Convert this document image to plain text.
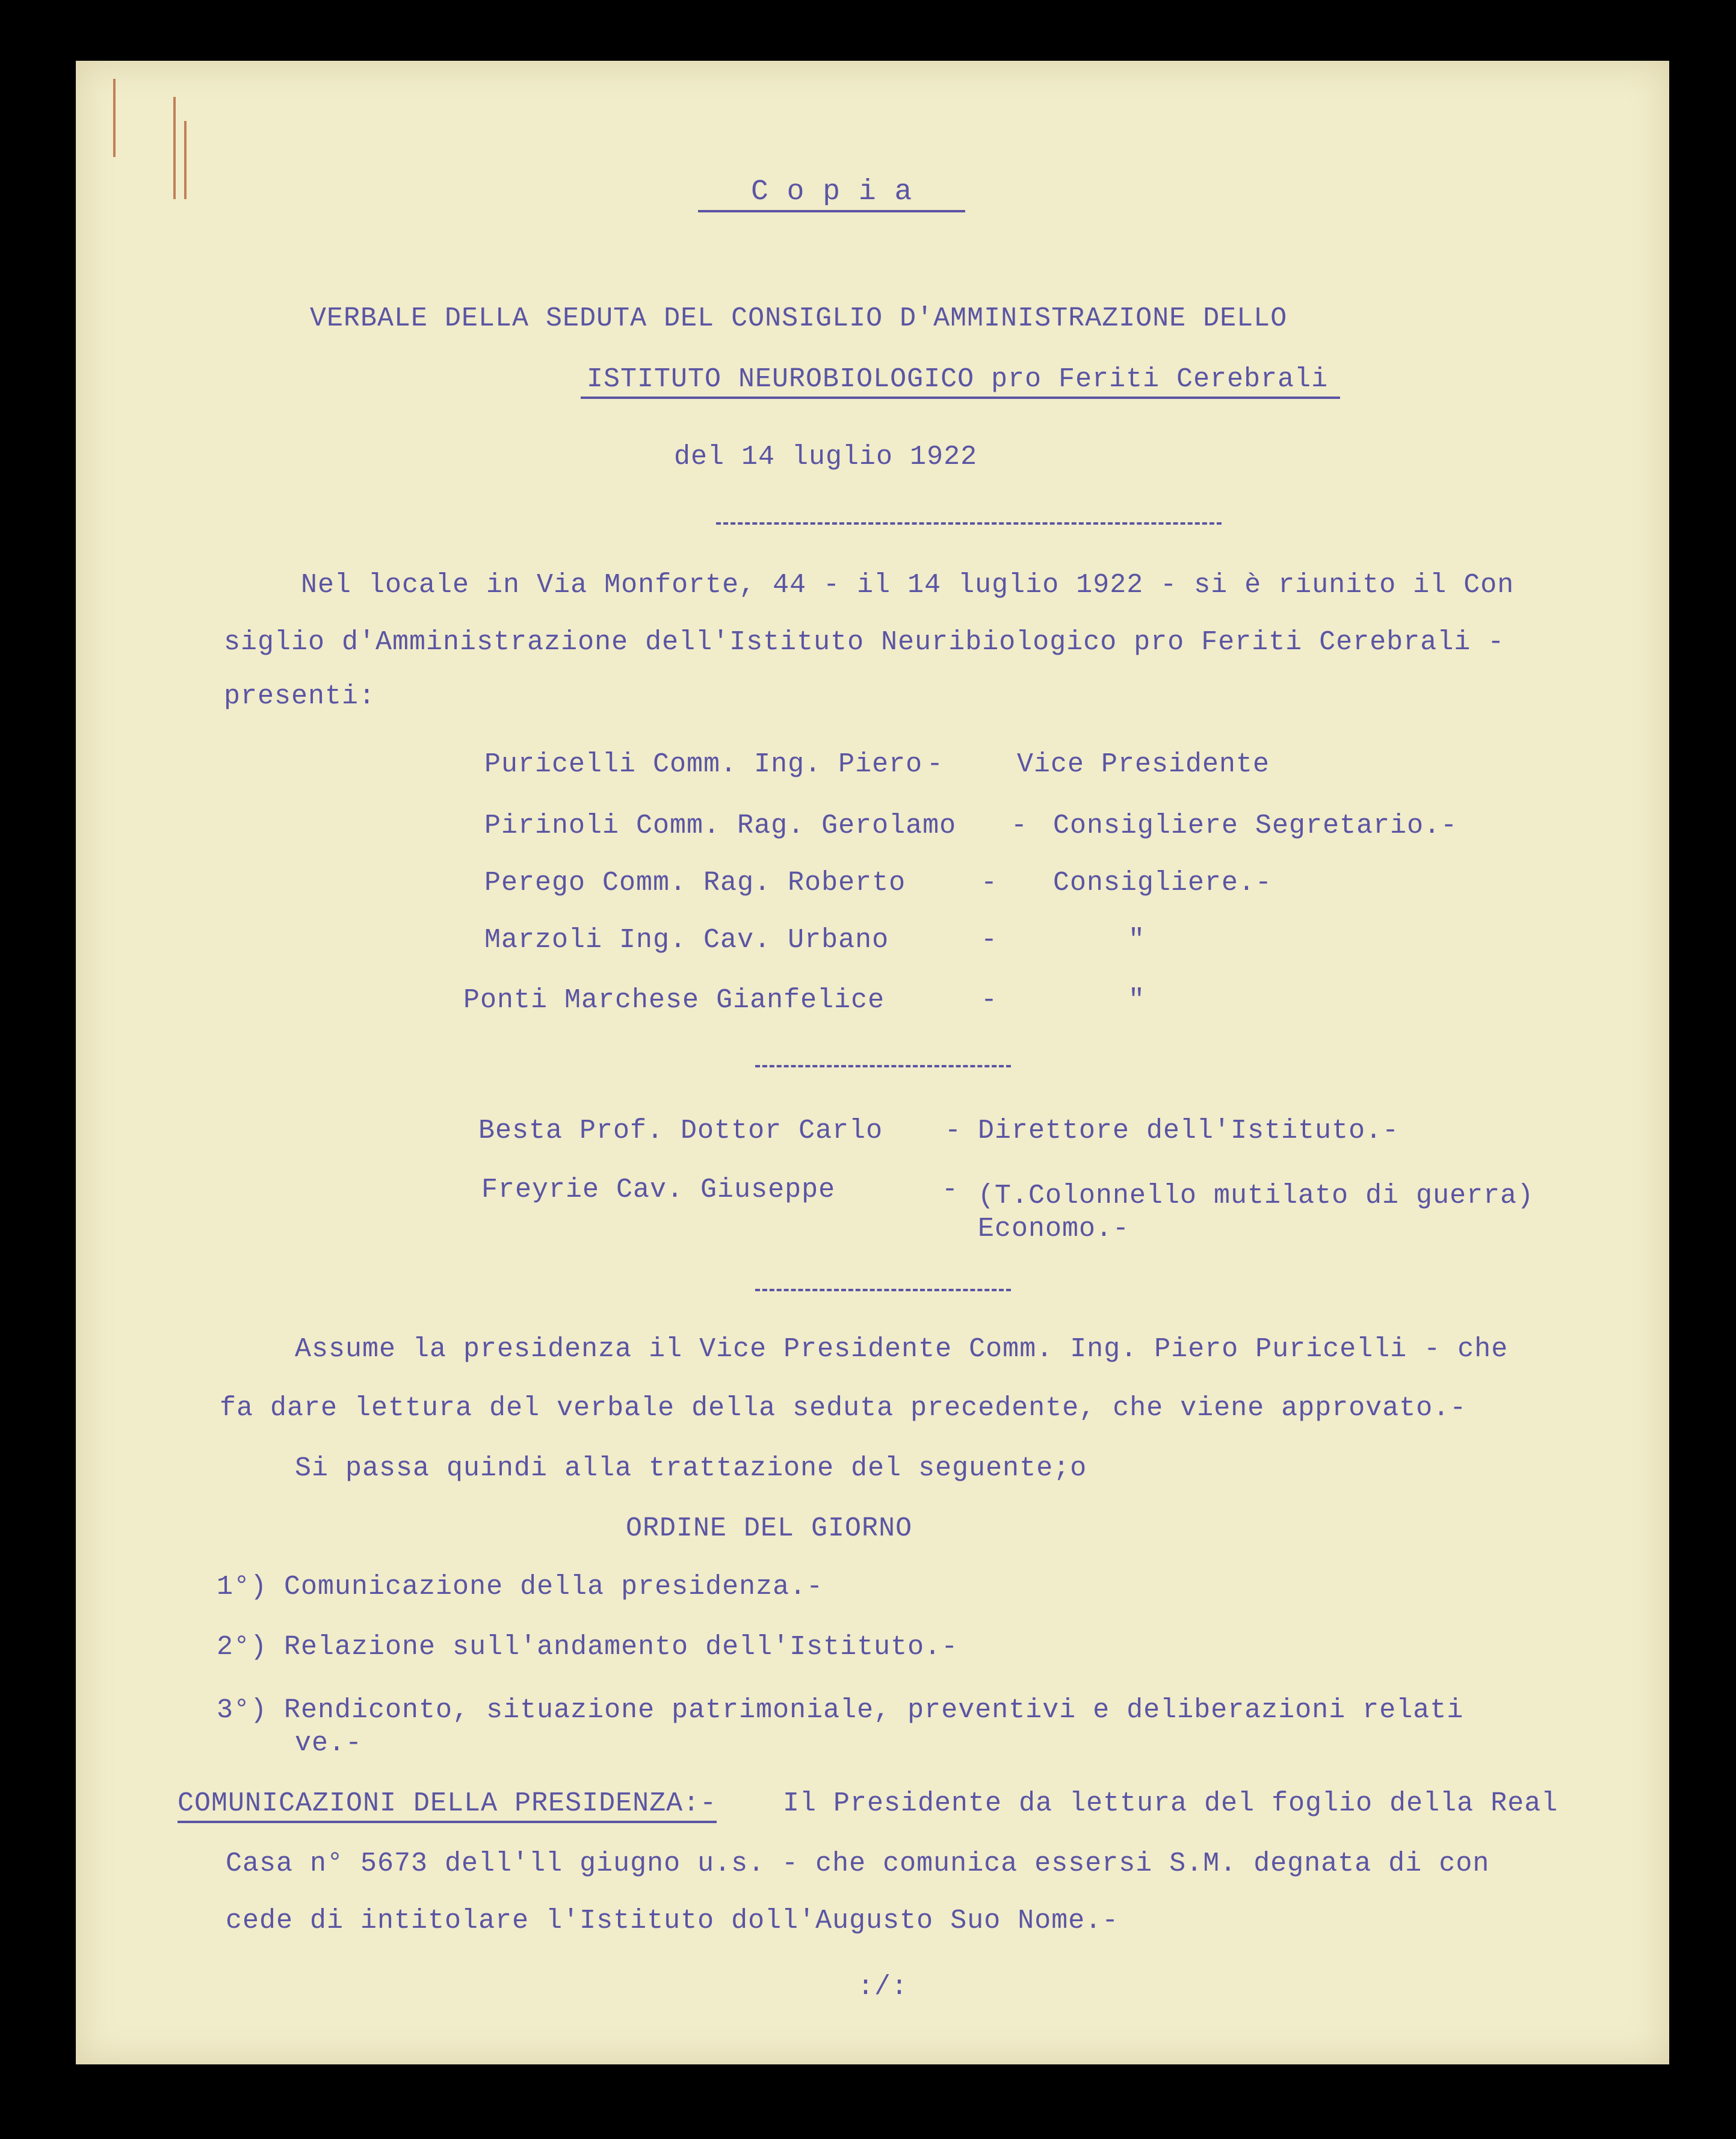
C o p i a
VERBALE DELLA SEDUTA DEL CONSIGLIO D'AMMINISTRAZIONE DELLO
ISTITUTO NEUROBIOLOGICO pro Feriti Cerebrali
del 14 luglio 1922
Nel locale in Via Monforte, 44 - il 14 luglio 1922 - si è riunito il Con
siglio d'Amministrazione dell'Istituto Neuribiologico pro Feriti Cerebrali -
presenti:
Puricelli Comm. Ing. Piero -	Vice Presidente
Pirinoli Comm. Rag. Gerolamo - Consigliere Segretario.-
Perego Comm. Rag. Roberto	- Consigliere.-
Marzoli Ing. Cav. Urbano	-	"
Ponti Marchese Gianfelice	-	"
Besta Prof. Dottor Carlo - Direttore dell'Istituto.-
Freyrie Cav. Giuseppe	- (T.Colonnello mutilato di guerra)
Economo.-
Assume la presidenza il Vice Presidente Comm. Ing. Piero Puricelli - che
fa dare lettura del verbale della seduta precedente, che viene approvato.-
Si passa quindi alla trattazione del seguente;o
ORDINE DEL GIORNO
1°) Comunicazione della presidenza.-
2°) Relazione sull'andamento dell'Istituto.-
3°) Rendiconto, situazione patrimoniale, preventivi e deliberazioni relati
ve.-
COMUNICAZIONI DELLA PRESIDENZA:- Il Presidente da lettura del foglio della Real
Casa n° 5673 dell'll giugno u.s. - che comunica essersi S.M. degnata di con
cede di intitolare l'Istituto doll'Augusto Suo Nome.-
:/:
